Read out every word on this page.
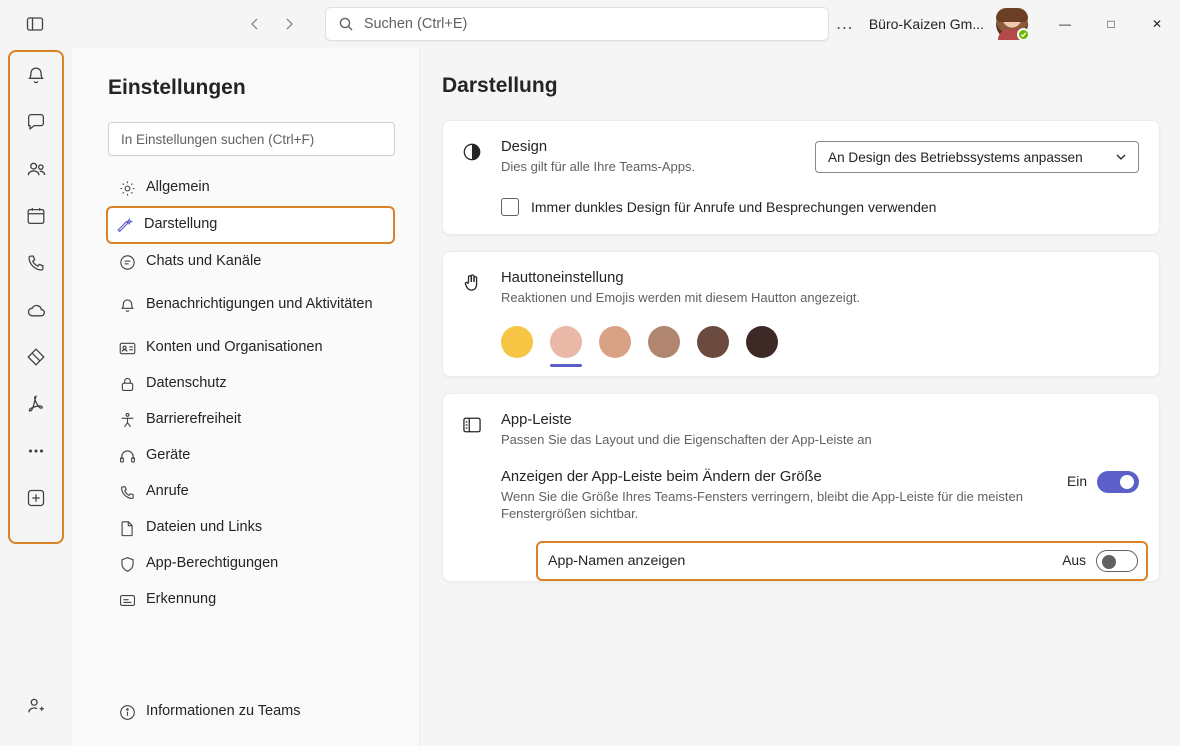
Suchen (Ctrl+E)	...	Büro-Kaizen Gm...	—	□	✕
Einstellungen
In Einstellungen suchen (Ctrl+F)
Allgemein
Darstellung
Chats und Kanäle
Benachrichtigungen und Aktivitäten
Konten und Organisationen
Datenschutz
Barrierefreiheit
Geräte
Anrufe
Dateien und Links
App-Berechtigungen
Erkennung
Informationen zu Teams
Darstellung
Design
Dies gilt für alle Ihre Teams-Apps.
An Design des Betriebssystems anpassen
Immer dunkles Design für Anrufe und Besprechungen verwenden
Hauttoneinstellung
Reaktionen und Emojis werden mit diesem Hautton angezeigt.
App-Leiste
Passen Sie das Layout und die Eigenschaften der App-Leiste an
Anzeigen der App-Leiste beim Ändern der Größe
Wenn Sie die Größe Ihres Teams-Fensters verringern, bleibt die App-Leiste für die meisten Fenstergrößen sichtbar.
Ein
App-Namen anzeigen	Aus
